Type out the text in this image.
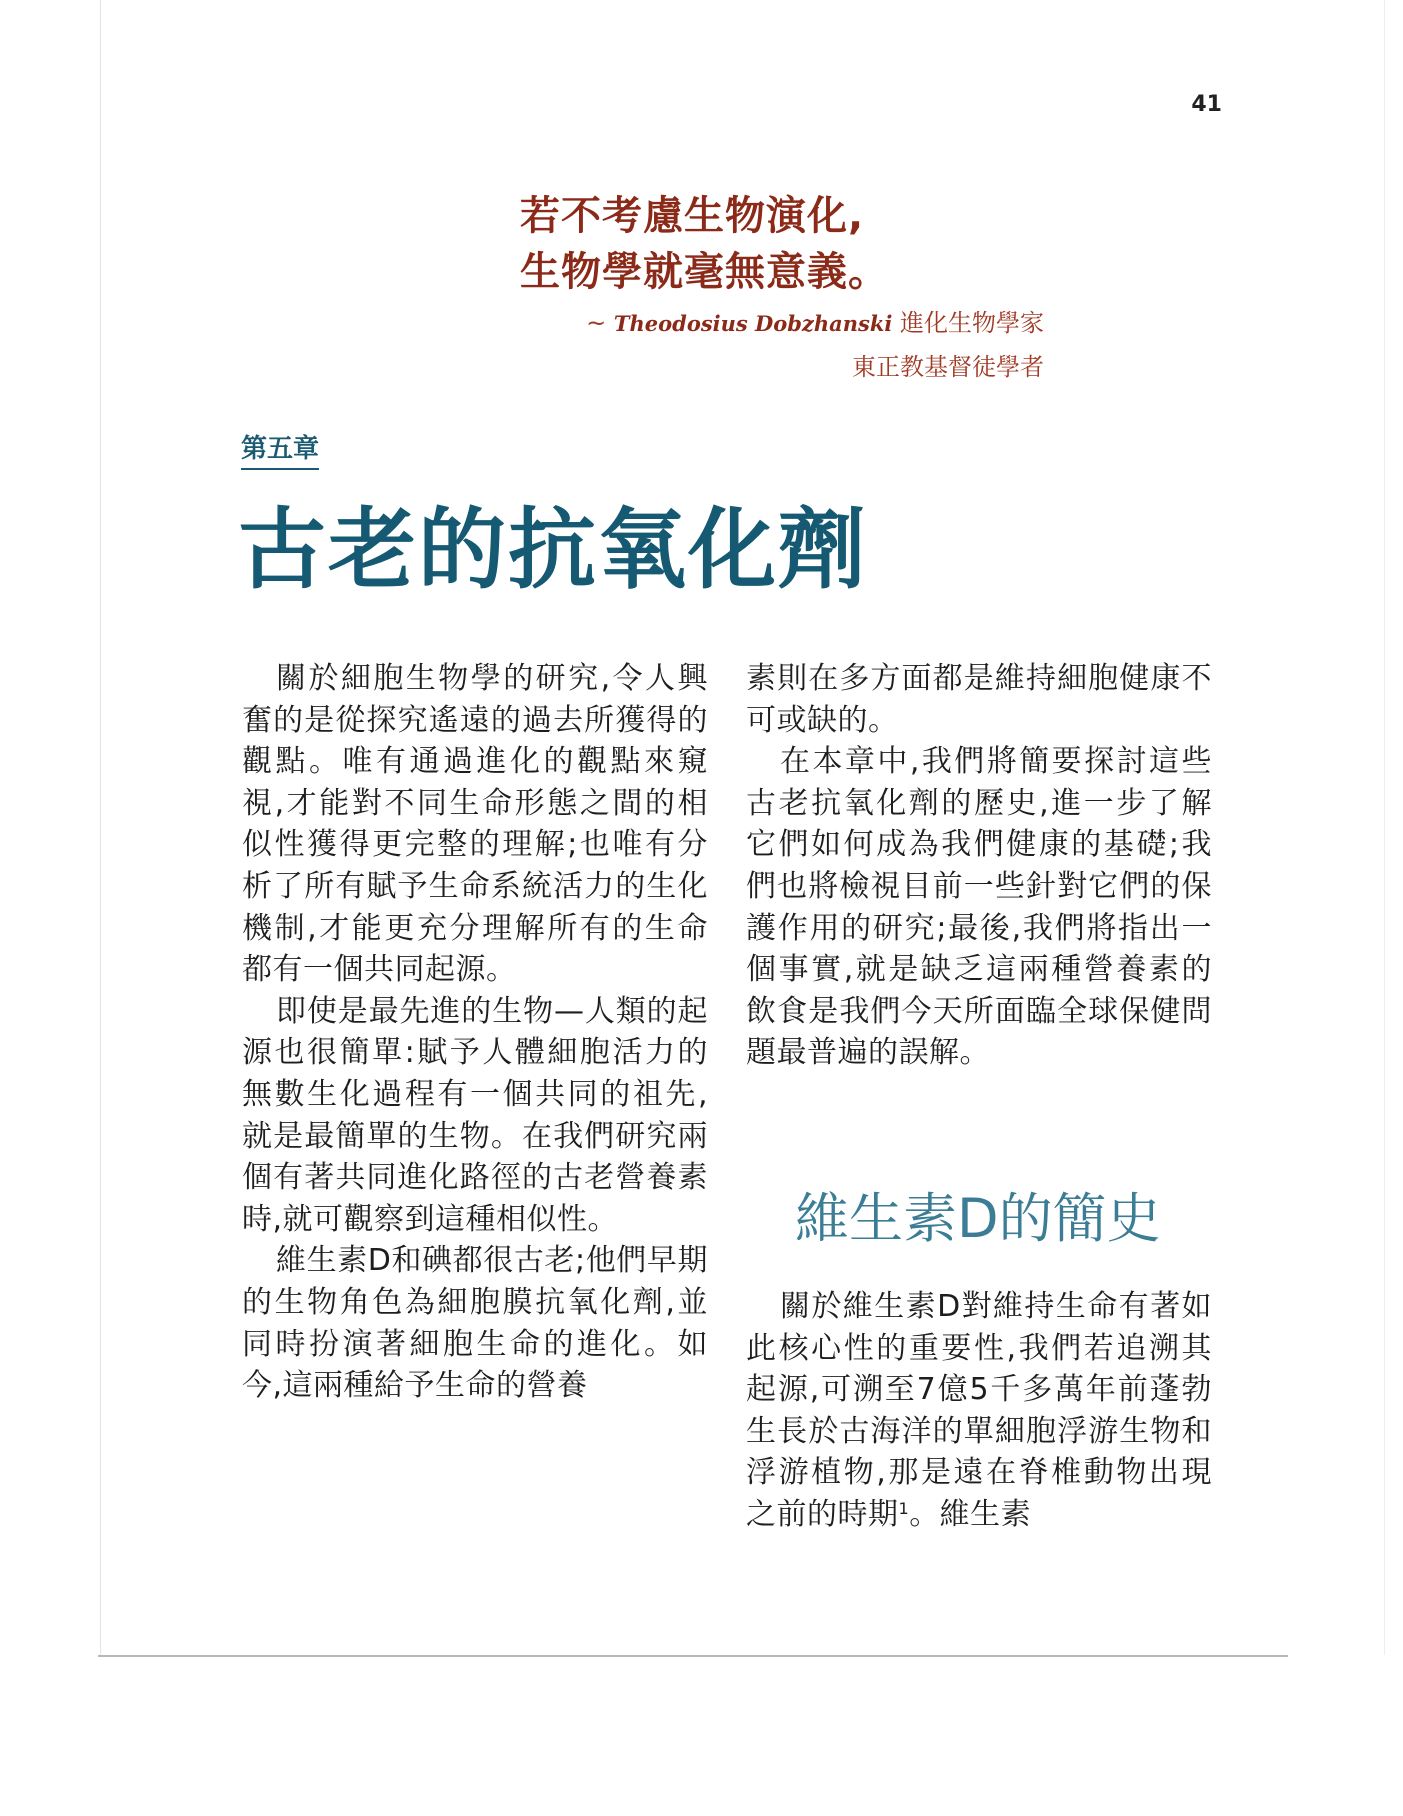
41
若不考慮生物演化,
生物學就毫無意義。
~ Theodosius Dobzhanski 進化生物學家
東正教基督徒學者
第五章
古老的抗氧化劑

關於細胞生物學的研究,令人興奮的是從探究遙遠的過去所獲得的觀點。唯有通過進化的觀點來窺視,才能對不同生命形態之間的相似性獲得更完整的理解;也唯有分析了所有賦予生命系統活力的生化機制,才能更充分理解所有的生命都有一個共同起源。

即使是最先進的生物—人類的起源也很簡單:賦予人體細胞活力的無數生化過程有一個共同的祖先,就是最簡單的生物。在我們研究兩個有著共同進化路徑的古老營養素時,就可觀察到這種相似性。

維生素D和碘都很古老;他們早期的生物角色為細胞膜抗氧化劑,並同時扮演著細胞生命的進化。如今,這兩種給予生命的營養

素則在多方面都是維持細胞健康不可或缺的。

在本章中,我們將簡要探討這些古老抗氧化劑的歷史,進一步了解它們如何成為我們健康的基礎;我們也將檢視目前一些針對它們的保護作用的研究;最後,我們將指出一個事實,就是缺乏這兩種營養素的飲食是我們今天所面臨全球保健問題最普遍的誤解。

維生素D的簡史

關於維生素D對維持生命有著如此核心性的重要性,我們若追溯其起源,可溯至7億5千多萬年前蓬勃生長於古海洋的單細胞浮游生物和浮游植物,那是遠在脊椎動物出現之前的時期$^1$。維生素
